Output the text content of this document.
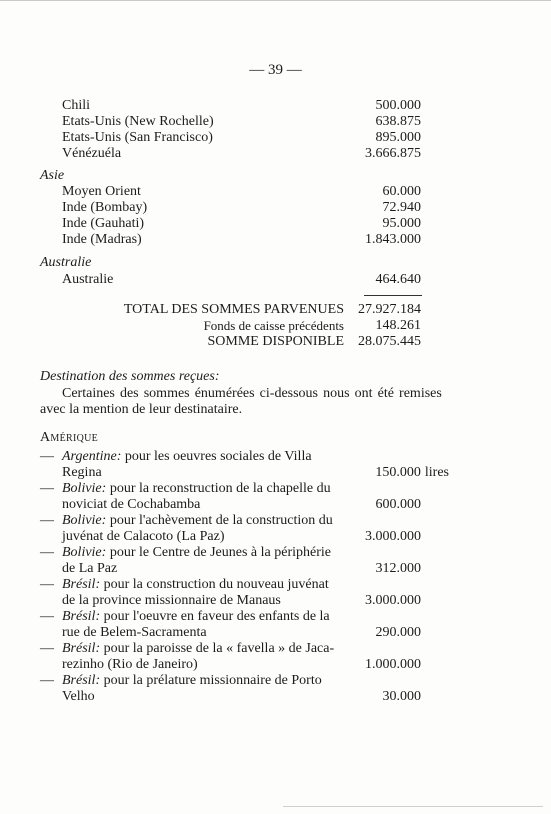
— 39 —
Chili	500.000
Etats-Unis (New Rochelle)	638.875
Etats-Unis (San Francisco)	895.000
Vénézuéla	3.666.875
Asie
Moyen Orient	60.000
Inde (Bombay)	72.940
Inde (Gauhati)	95.000
Inde (Madras)	1.843.000
Australie
Australie	464.640
TOTAL DES SOMMES PARVENUES 27.927.184
Fonds de caisse précédents 148.261
SOMME DISPONIBLE 28.075.445
Destination des sommes reçues:
Certaines des sommes énumérées ci-dessous nous ont été remises
avec la mention de leur destinataire.
Amérique
— Argentine: pour les oeuvres sociales de Villa
Regina	150.000 lires
— Bolivie: pour la reconstruction de la chapelle du
noviciat de Cochabamba	600.000
— Bolivie: pour l'achèvement de la construction du
juvénat de Calacoto (La Paz)	3.000.000
— Bolivie: pour le Centre de Jeunes à la périphérie
de La Paz	312.000
— Brésil: pour la construction du nouveau juvénat
de la province missionnaire de Manaus	3.000.000
— Brésil: pour l'oeuvre en faveur des enfants de la
rue de Belem-Sacramenta	290.000
— Brésil: pour la paroisse de la « favella » de Jaca-
rezinho (Rio de Janeiro)	1.000.000
— Brésil: pour la prélature missionnaire de Porto
Velho	30.000
